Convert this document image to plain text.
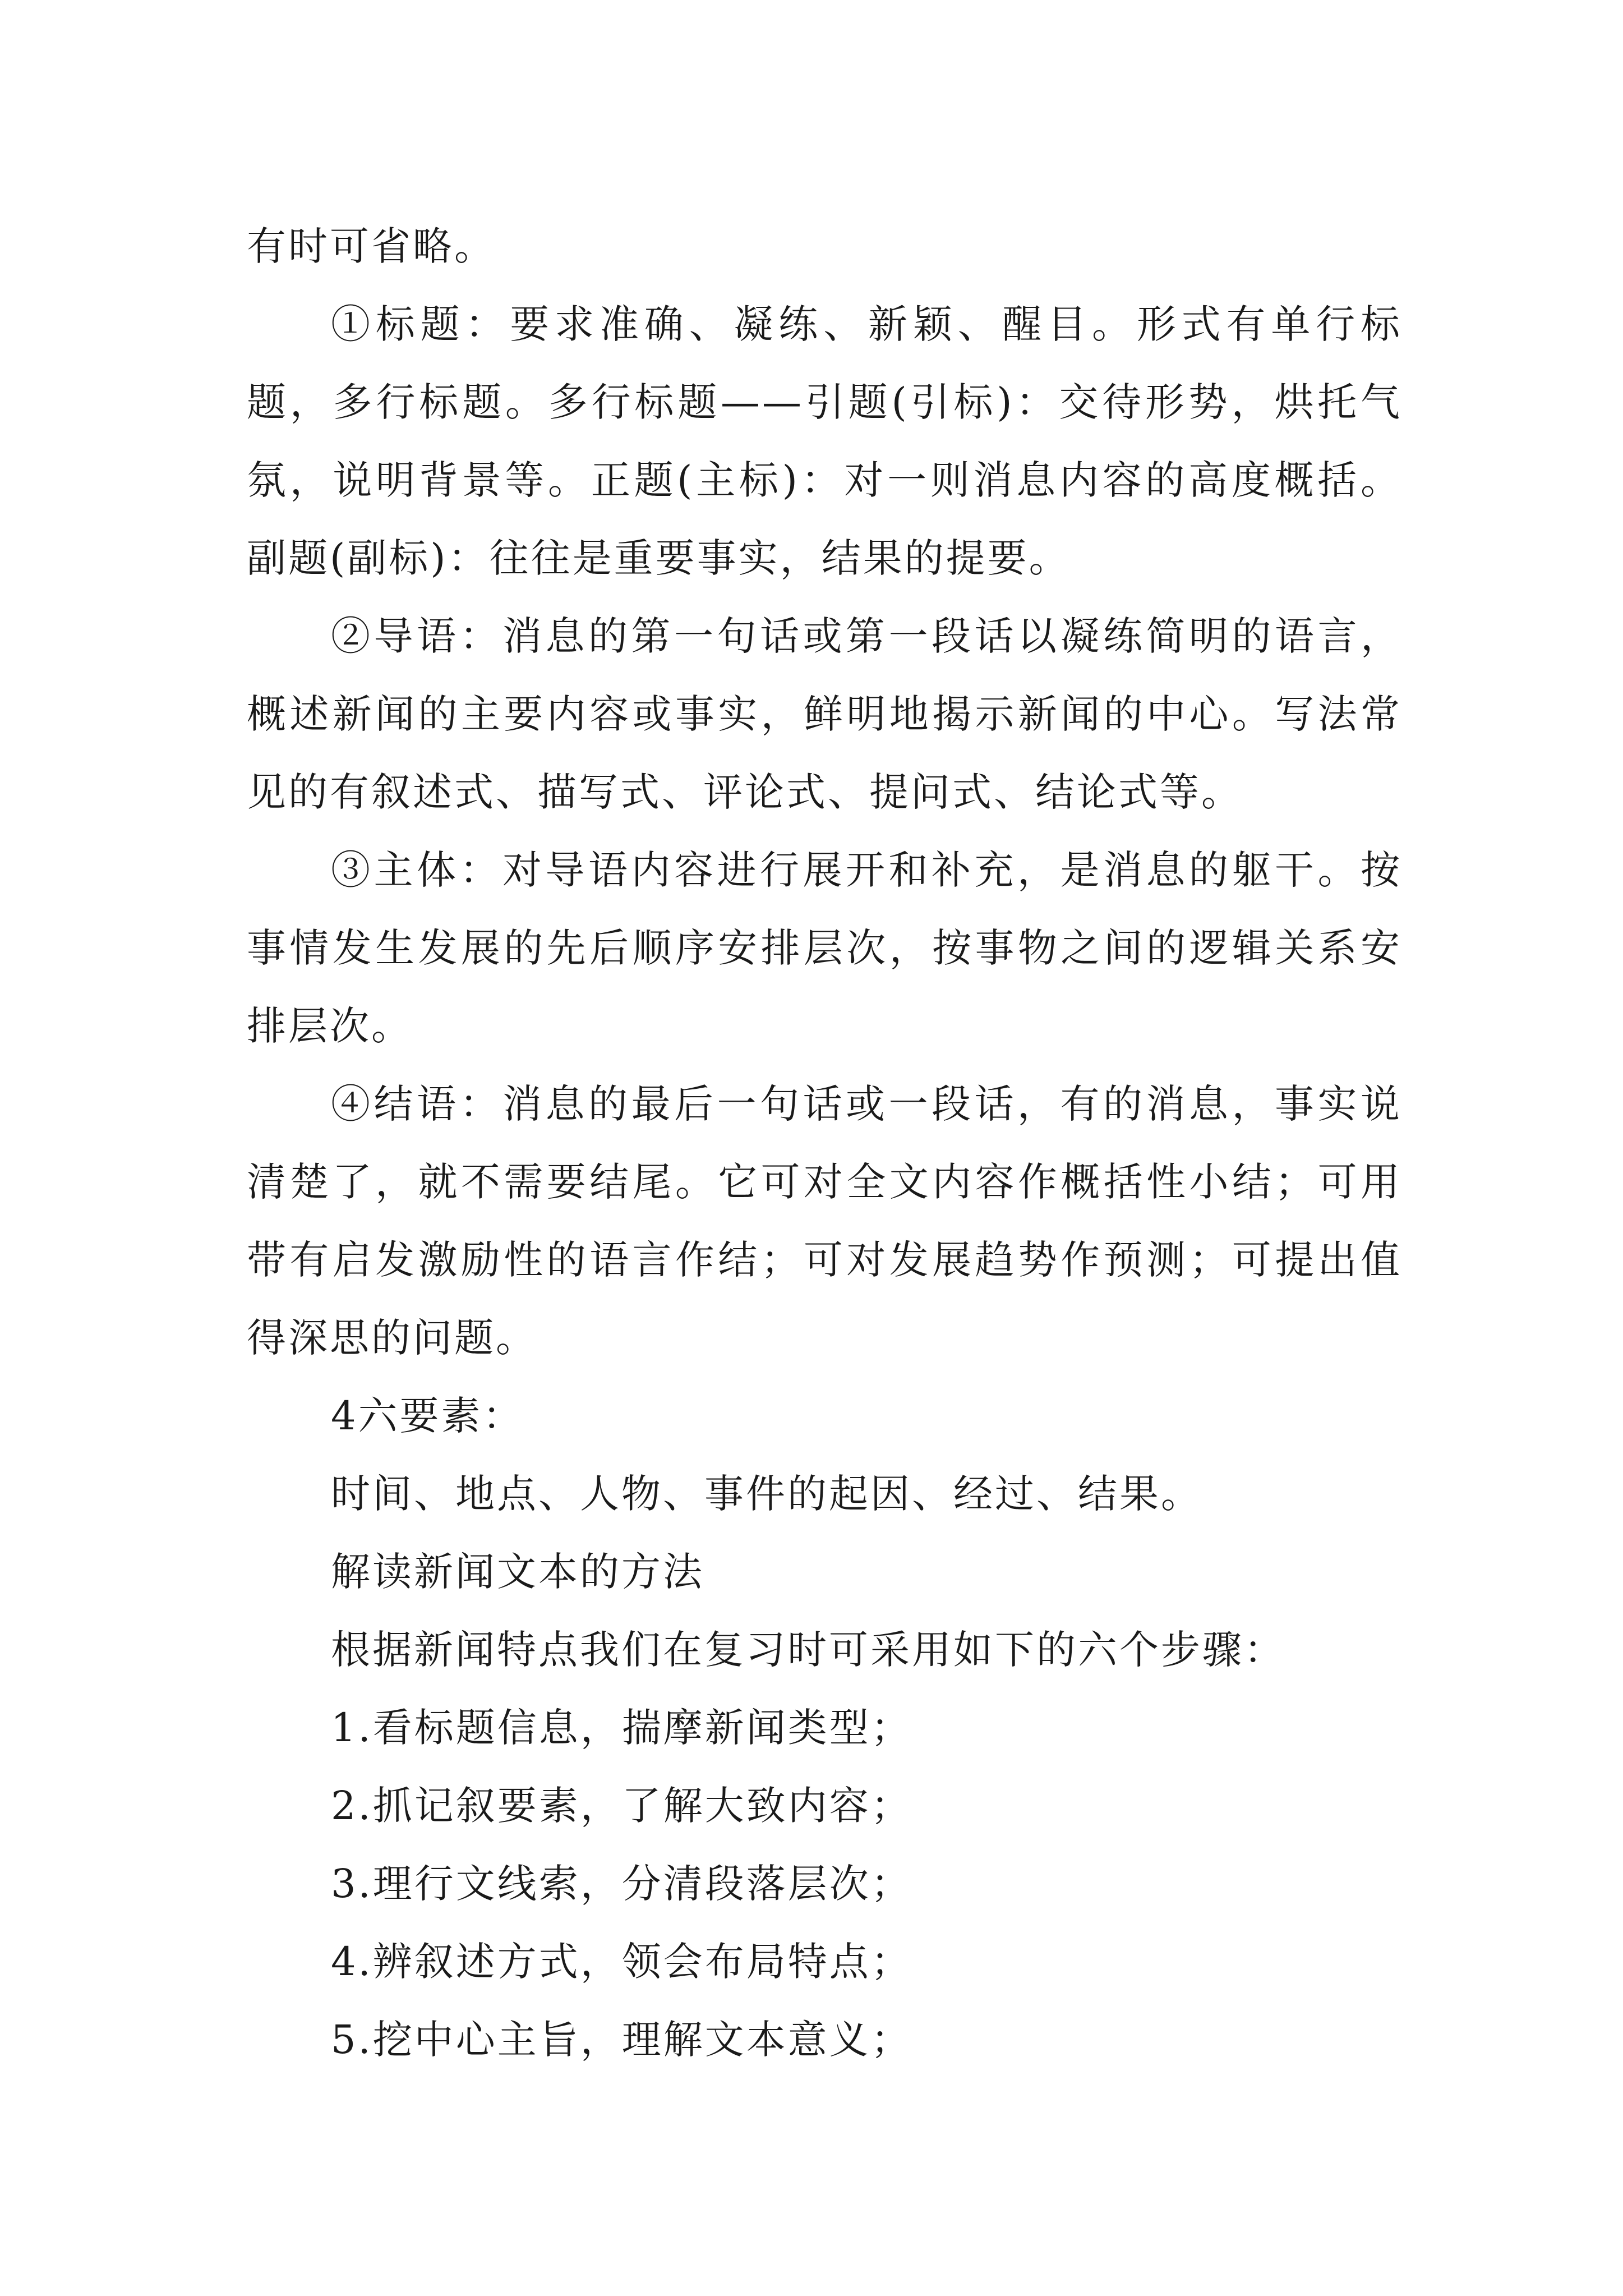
有时可省略。

①标题：要求准确、凝练、新颖、醒目。形式有单行标题，多行标题。多行标题——引题(引标)：交待形势，烘托气氛，说明背景等。正题(主标)：对一则消息内容的高度概括。副题(副标)：往往是重要事实，结果的提要。

②导语：消息的第一句话或第一段话以凝练简明的语言，概述新闻的主要内容或事实，鲜明地揭示新闻的中心。写法常见的有叙述式、描写式、评论式、提问式、结论式等。

③主体：对导语内容进行展开和补充，是消息的躯干。按事情发生发展的先后顺序安排层次，按事物之间的逻辑关系安排层次。

④结语：消息的最后一句话或一段话，有的消息，事实说清楚了，就不需要结尾。它可对全文内容作概括性小结；可用带有启发激励性的语言作结；可对发展趋势作预测；可提出值得深思的问题。

4六要素：

时间、地点、人物、事件的起因、经过、结果。

解读新闻文本的方法

根据新闻特点我们在复习时可采用如下的六个步骤：

1.看标题信息，揣摩新闻类型；

2.抓记叙要素，了解大致内容；

3.理行文线索，分清段落层次；

4.辨叙述方式，领会布局特点；

5.挖中心主旨，理解文本意义；
